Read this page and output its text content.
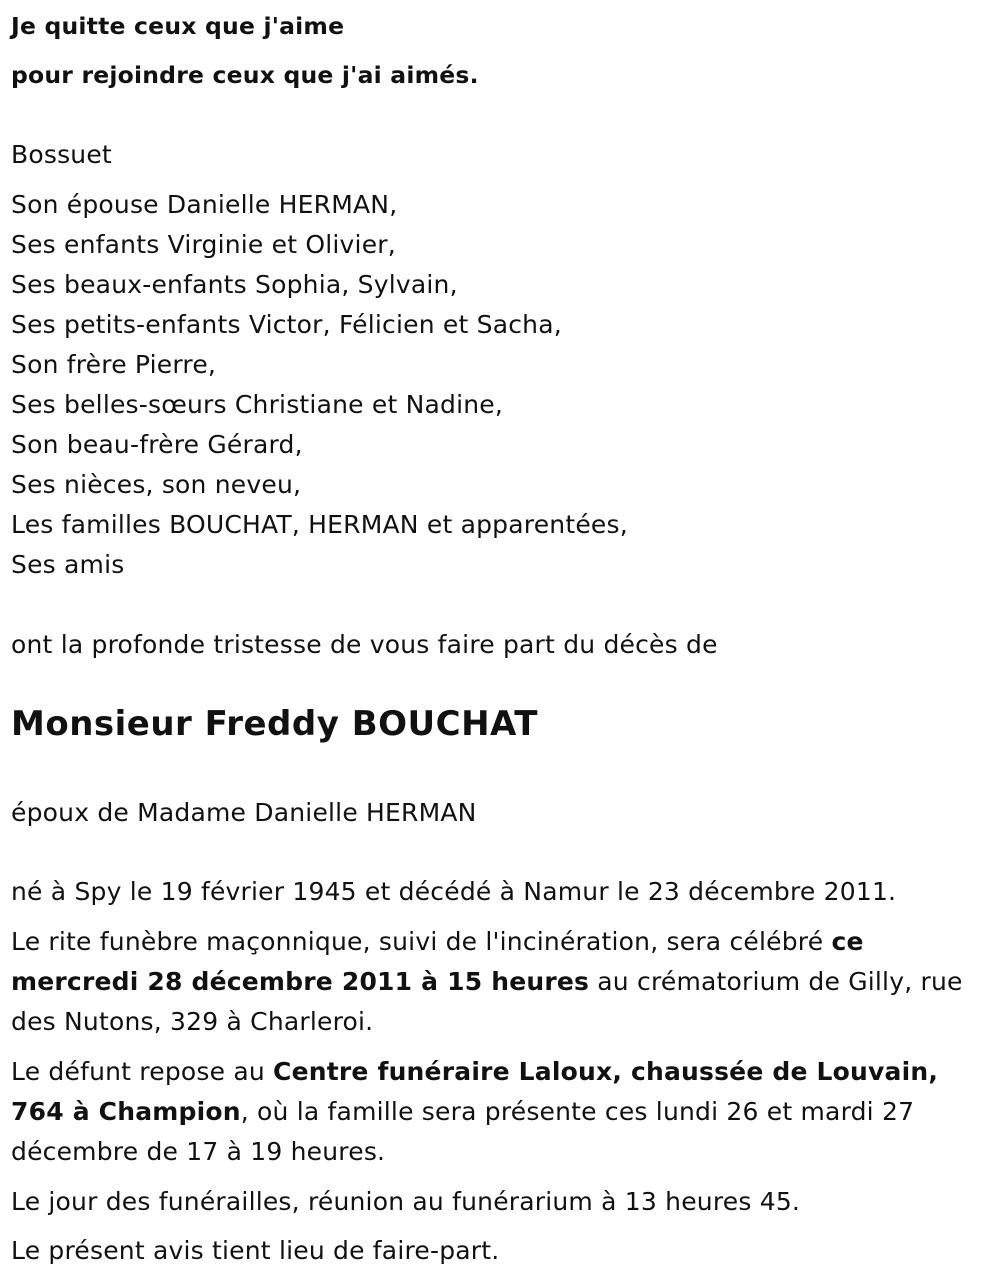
Je quitte ceux que j'aime
pour rejoindre ceux que j'ai aimés.
Bossuet
Son épouse Danielle HERMAN,
Ses enfants Virginie et Olivier,
Ses beaux-enfants Sophia, Sylvain,
Ses petits-enfants Victor, Félicien et Sacha,
Son frère Pierre,
Ses belles-sœurs Christiane et Nadine,
Son beau-frère Gérard,
Ses nièces, son neveu,
Les familles BOUCHAT, HERMAN et apparentées,
Ses amis
ont la profonde tristesse de vous faire part du décès de
Monsieur Freddy BOUCHAT
époux de Madame Danielle HERMAN
né à Spy le 19 février 1945 et décédé à Namur le 23 décembre 2011.
Le rite funèbre maçonnique, suivi de l'incinération, sera célébré ce mercredi 28 décembre 2011 à 15 heures au crématorium de Gilly, rue des Nutons, 329 à Charleroi.
Le défunt repose au Centre funéraire Laloux, chaussée de Louvain, 764 à Champion, où la famille sera présente ces lundi 26 et mardi 27 décembre de 17 à 19 heures.
Le jour des funérailles, réunion au funérarium à 13 heures 45.
Le présent avis tient lieu de faire-part.
